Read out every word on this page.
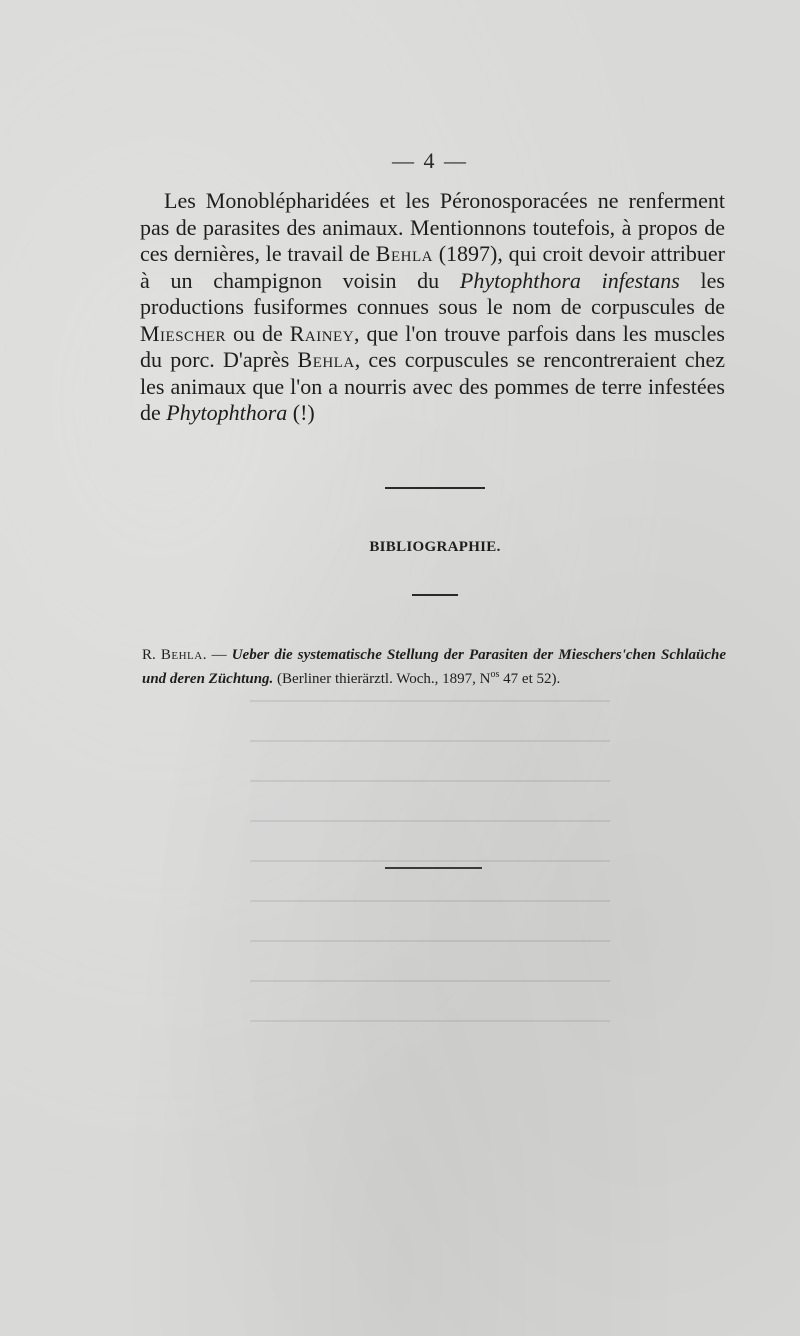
— 4 —

Les Monoblépharidées et les Péronosporacées ne renferment pas de parasites des animaux. Mentionnons toutefois, à propos de ces dernières, le travail de Behla (1897), qui croit devoir attribuer à un champignon voisin du Phytophthora infestans les productions fusiformes connues sous le nom de corpuscules de Miescher ou de Rainey, que l'on trouve parfois dans les muscles du porc. D'après Behla, ces corpuscules se rencontreraient chez les animaux que l'on a nourris avec des pommes de terre infestées de Phytophthora (!)

BIBLIOGRAPHIE.

R. Behla. — Ueber die systematische Stellung der Parasiten der Mieschers'chen Schlaüche und deren Züchtung. (Berliner thierärztl. Woch., 1897, $N^{os}$ 47 et 52).
